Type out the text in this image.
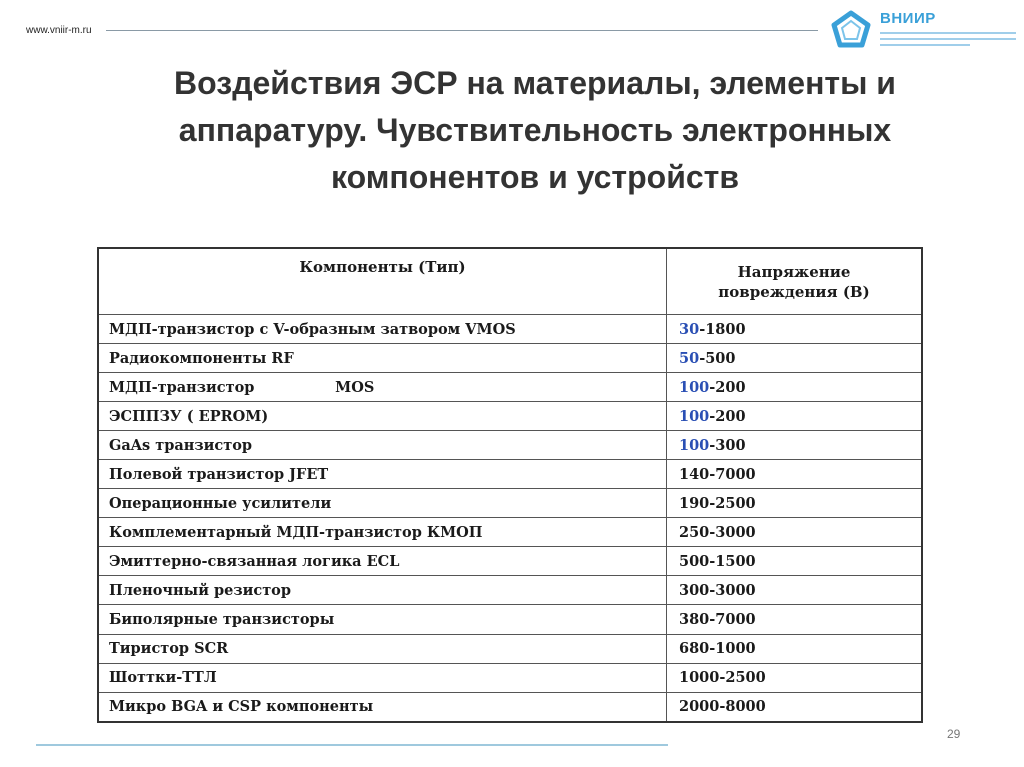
www.vniir-m.ru
ВНИИР
Воздействия ЭСР на материалы, элементы и
аппаратуру. Чувствительность электронных
компонентов и устройств
Компоненты (Тип)	Напряжение
повреждения (В)

МДП-транзистор с V-образным затвором VMOS	30-1800
Радиокомпоненты RF	50-500
МДП-транзистор                MOS	100-200
ЭСППЗУ ( EPROM)	100-200
GaAs транзистор	100-300
Полевой транзистор JFET	140-7000
Операционные усилители	190-2500
Комплементарный МДП-транзистор КМОП	250-3000
Эмиттерно-связанная логика ECL	500-1500
Пленочный резистор	300-3000
Биполярные транзисторы	380-7000
Тиристор SCR	680-1000
Шоттки-ТТЛ	1000-2500
Микро BGA и CSP компоненты	2000-8000
29
